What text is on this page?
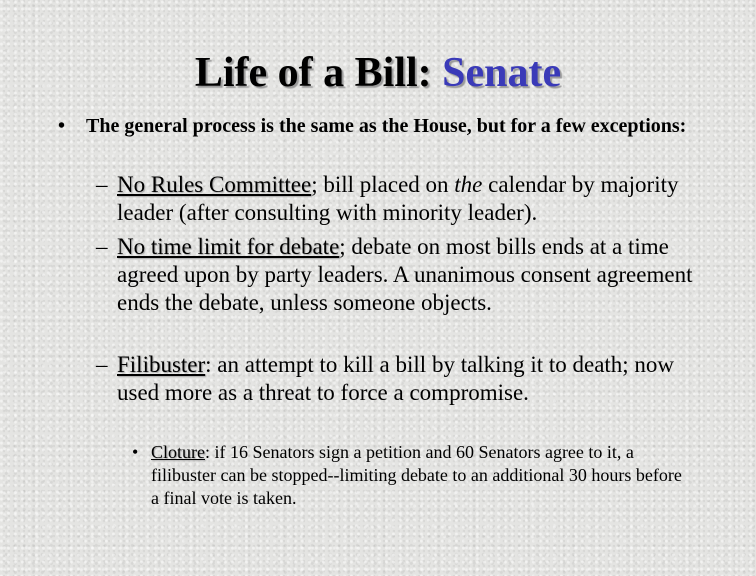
Life of a Bill: Senate
• The general process is the same as the House, but for a few exceptions:
– No Rules Committee; bill placed on the calendar by majority leader (after consulting with minority leader).
– No time limit for debate; debate on most bills ends at a time agreed upon by party leaders. A unanimous consent agreement ends the debate, unless someone objects.
– Filibuster: an attempt to kill a bill by talking it to death; now used more as a threat to force a compromise.
• Cloture: if 16 Senators sign a petition and 60 Senators agree to it, a filibuster can be stopped--limiting debate to an additional 30 hours before a final vote is taken.
